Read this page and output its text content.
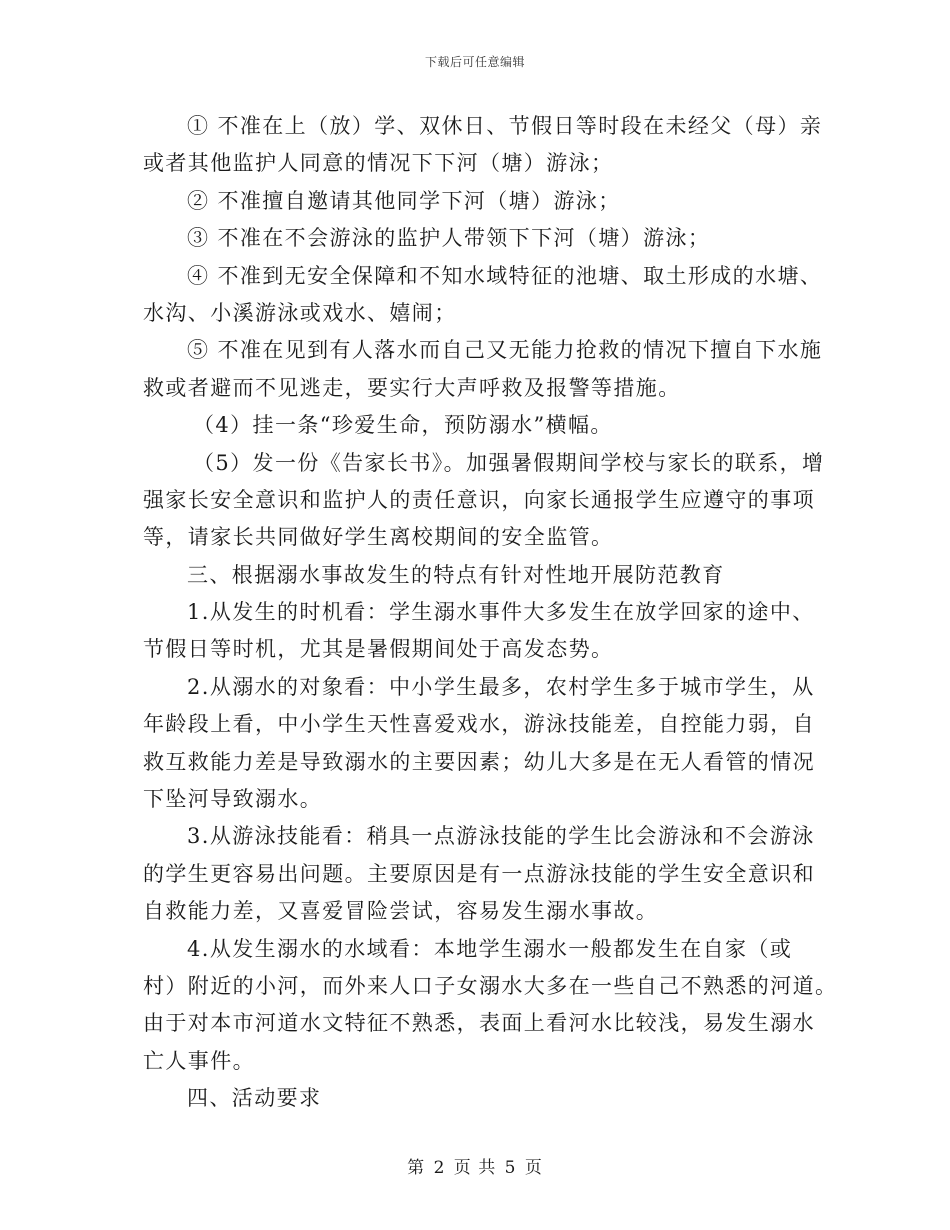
下载后可任意编辑
① 不准在上（放）学、双休日、节假日等时段在未经父（母）亲
或者其他监护人同意的情况下下河（塘）游泳；
② 不准擅自邀请其他同学下河（塘）游泳；
③ 不准在不会游泳的监护人带领下下河（塘）游泳；
④ 不准到无安全保障和不知水域特征的池塘、取土形成的水塘、
水沟、小溪游泳或戏水、嬉闹；
⑤ 不准在见到有人落水而自己又无能力抢救的情况下擅自下水施
救或者避而不见逃走，要实行大声呼救及报警等措施。
（4）挂一条“珍爱生命，预防溺水”横幅。
（5）发一份《告家长书》。加强暑假期间学校与家长的联系，增
强家长安全意识和监护人的责任意识，向家长通报学生应遵守的事项
等，请家长共同做好学生离校期间的安全监管。
三、根据溺水事故发生的特点有针对性地开展防范教育
1.从发生的时机看：学生溺水事件大多发生在放学回家的途中、
节假日等时机，尤其是暑假期间处于高发态势。
2.从溺水的对象看：中小学生最多，农村学生多于城市学生，从
年龄段上看，中小学生天性喜爱戏水，游泳技能差，自控能力弱，自
救互救能力差是导致溺水的主要因素；幼儿大多是在无人看管的情况
下坠河导致溺水。
3.从游泳技能看：稍具一点游泳技能的学生比会游泳和不会游泳
的学生更容易出问题。主要原因是有一点游泳技能的学生安全意识和
自救能力差，又喜爱冒险尝试，容易发生溺水事故。
4.从发生溺水的水域看：本地学生溺水一般都发生在自家（或
村）附近的小河，而外来人口子女溺水大多在一些自己不熟悉的河道。
由于对本市河道水文特征不熟悉，表面上看河水比较浅，易发生溺水
亡人事件。
四、活动要求
第 2 页 共 5 页
